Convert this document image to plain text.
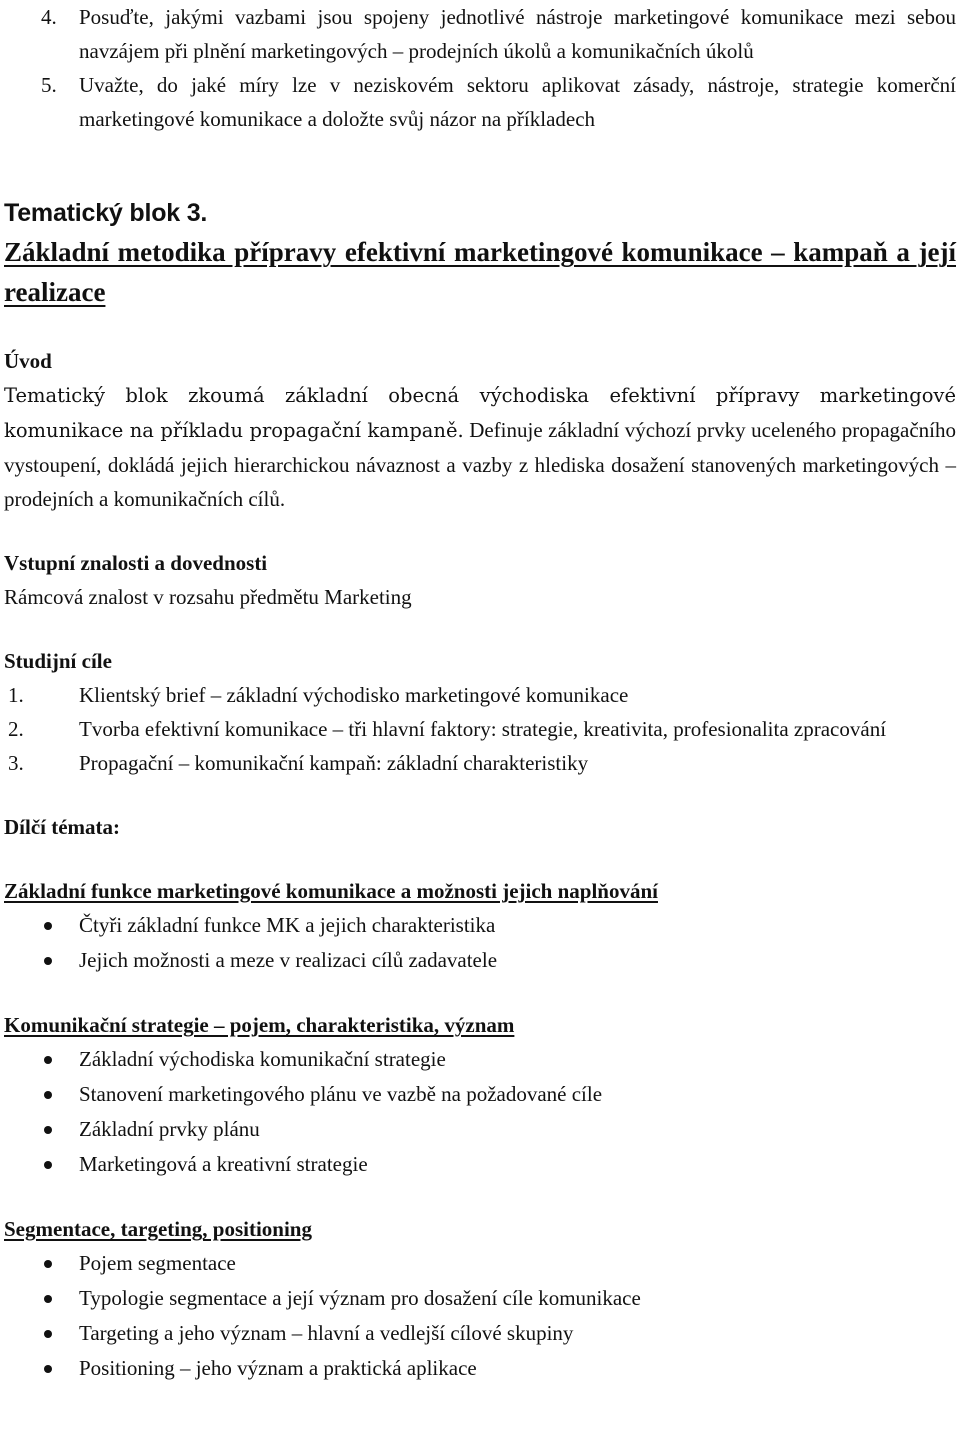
4. Posuďte, jakými vazbami jsou spojeny jednotlivé nástroje marketingové komunikace mezi sebou navzájem při plnění marketingových – prodejních úkolů a komunikačních úkolů
5. Uvažte, do jaké míry lze v neziskovém sektoru aplikovat zásady, nástroje, strategie komerční marketingové komunikace a doložte svůj názor na příkladech
Tematický blok 3.
Základní metodika přípravy efektivní marketingové komunikace – kampaň a její realizace
Úvod
Tematický blok zkoumá základní obecná východiska efektivní přípravy marketingové komunikace na příkladu propagační kampaně. Definuje základní výchozí prvky uceleného propagačního vystoupení, dokládá jejich hierarchickou návaznost a vazby z hlediska dosažení stanovených marketingových – prodejních a komunikačních cílů.
Vstupní znalosti a dovednosti
Rámcová znalost v rozsahu předmětu Marketing
Studijní cíle
1.	Klientský brief – základní východisko marketingové komunikace
2.	Tvorba efektivní komunikace – tři hlavní faktory: strategie, kreativita, profesionalita zpracování
3.	Propagační – komunikační kampaň: základní charakteristiky
Dílčí témata:
Základní funkce marketingové komunikace a možnosti jejich naplňování
Čtyři základní funkce MK a jejich charakteristika
Jejich možnosti a meze v realizaci cílů zadavatele
Komunikační strategie – pojem, charakteristika, význam
Základní východiska komunikační strategie
Stanovení marketingového plánu ve vazbě na požadované cíle
Základní prvky plánu
Marketingová a kreativní strategie
Segmentace, targeting, positioning
Pojem segmentace
Typologie segmentace a její význam pro dosažení cíle komunikace
Targeting a jeho význam – hlavní a vedlejší cílové skupiny
Positioning – jeho význam a praktická aplikace
